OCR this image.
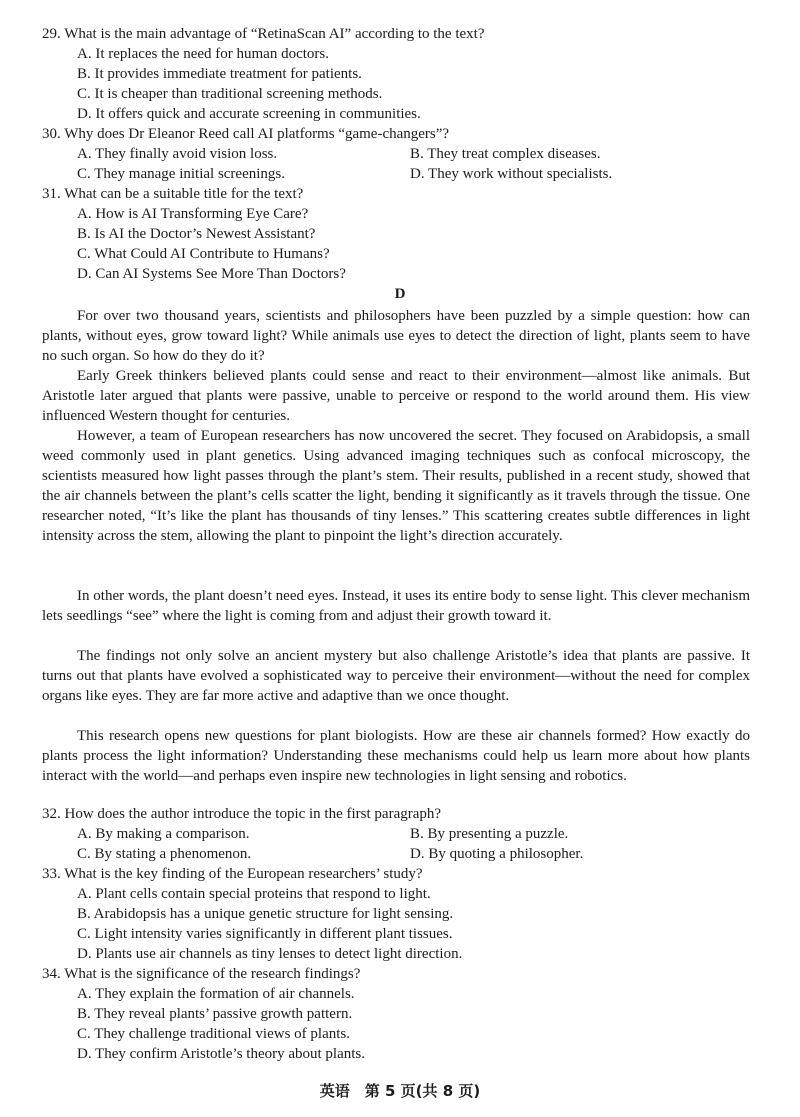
29. What is the main advantage of “RetinaScan AI” according to the text?
A. It replaces the need for human doctors.
B. It provides immediate treatment for patients.
C. It is cheaper than traditional screening methods.
D. It offers quick and accurate screening in communities.
30. Why does Dr Eleanor Reed call AI platforms “game-changers”?
A. They finally avoid vision loss.	B. They treat complex diseases.
C. They manage initial screenings.	D. They work without specialists.
31. What can be a suitable title for the text?
A. How is AI Transforming Eye Care?
B. Is AI the Doctor’s Newest Assistant?
C. What Could AI Contribute to Humans?
D. Can AI Systems See More Than Doctors?
D
For over two thousand years, scientists and philosophers have been puzzled by a simple question: how can plants, without eyes, grow toward light? While animals use eyes to detect the direction of light, plants seem to have no such organ. So how do they do it?
Early Greek thinkers believed plants could sense and react to their environment—almost like animals. But Aristotle later argued that plants were passive, unable to perceive or respond to the world around them. His view influenced Western thought for centuries.
However, a team of European researchers has now uncovered the secret. They focused on Arabidopsis, a small weed commonly used in plant genetics. Using advanced imaging techniques such as confocal microscopy, the scientists measured how light passes through the plant’s stem. Their results, published in a recent study, showed that the air channels between the plant’s cells scatter the light, bending it significantly as it travels through the tissue. One researcher noted, “It’s like the plant has thousands of tiny lenses.” This scattering creates subtle differences in light intensity across the stem, allowing the plant to pinpoint the light’s direction accurately.
In other words, the plant doesn’t need eyes. Instead, it uses its entire body to sense light. This clever mechanism lets seedlings “see” where the light is coming from and adjust their growth toward it.
The findings not only solve an ancient mystery but also challenge Aristotle’s idea that plants are passive. It turns out that plants have evolved a sophisticated way to perceive their environment—without the need for complex organs like eyes. They are far more active and adaptive than we once thought.
This research opens new questions for plant biologists. How are these air channels formed? How exactly do plants process the light information? Understanding these mechanisms could help us learn more about how plants interact with the world—and perhaps even inspire new technologies in light sensing and robotics.
32. How does the author introduce the topic in the first paragraph?
A. By making a comparison.	B. By presenting a puzzle.
C. By stating a phenomenon.	D. By quoting a philosopher.
33. What is the key finding of the European researchers’ study?
A. Plant cells contain special proteins that respond to light.
B. Arabidopsis has a unique genetic structure for light sensing.
C. Light intensity varies significantly in different plant tissues.
D. Plants use air channels as tiny lenses to detect light direction.
34. What is the significance of the research findings?
A. They explain the formation of air channels.
B. They reveal plants’ passive growth pattern.
C. They challenge traditional views of plants.
D. They confirm Aristotle’s theory about plants.
英语　第 5 页(共 8 页)
